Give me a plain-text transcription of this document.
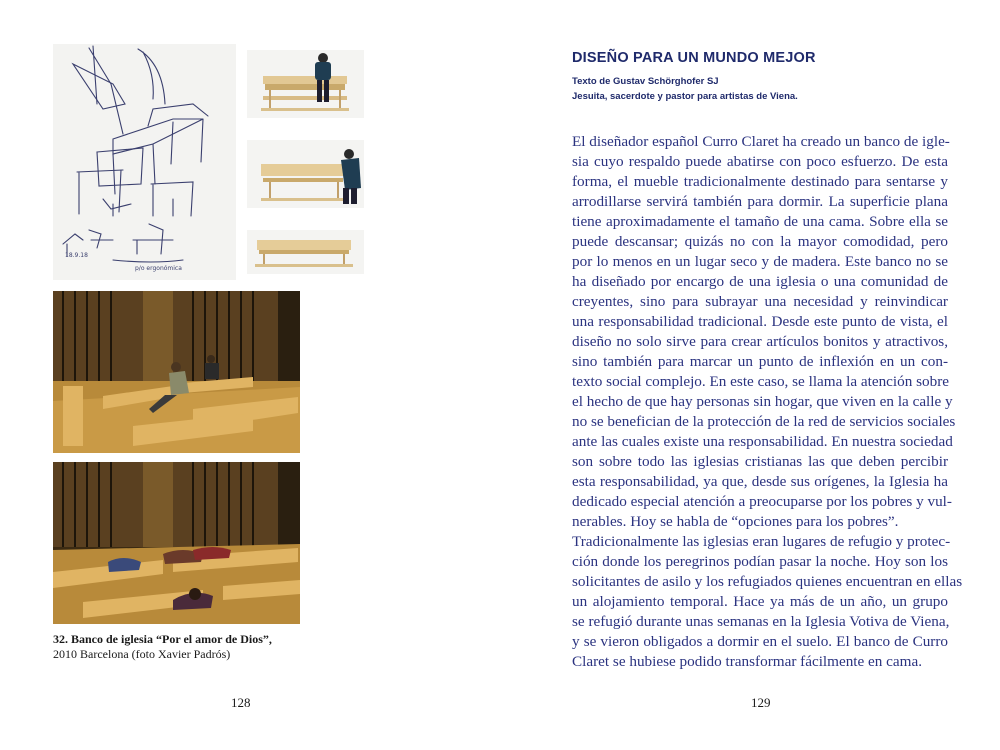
18.9.18
p/o ergonómica
32. Banco de iglesia “Por el amor de Dios”,
2010 Barcelona (foto Xavier Padrós)
128
DISEÑO PARA UN MUNDO MEJOR
Texto de Gustav Schörghofer SJ
Jesuita, sacerdote y pastor para artistas de Viena.
El diseñador español Curro Claret ha creado un banco de igle-
sia cuyo respaldo puede abatirse con poco esfuerzo. De esta
forma, el mueble tradicionalmente destinado para sentarse y
arrodillarse servirá también para dormir. La superficie plana
tiene aproximadamente el tamaño de una cama. Sobre ella se
puede descansar; quizás no con la mayor comodidad, pero
por lo menos en un lugar seco y de madera. Este banco no se
ha diseñado por encargo de una iglesia o una comunidad de
creyentes, sino para subrayar una necesidad y reinvindicar
una responsabilidad tradicional. Desde este punto de vista, el
diseño no solo sirve para crear artículos bonitos y atractivos,
sino también para marcar un punto de inflexión en un con-
texto social complejo. En este caso, se llama la atención sobre
el hecho de que hay personas sin hogar, que viven en la calle y
no se benefician de la protección de la red de servicios sociales
ante las cuales existe una responsabilidad. En nuestra sociedad
son sobre todo las iglesias cristianas las que deben percibir
esta responsabilidad, ya que, desde sus orígenes, la Iglesia ha
dedicado especial atención a preocuparse por los pobres y vul-
nerables. Hoy se habla de “opciones para los pobres”.
Tradicionalmente las iglesias eran lugares de refugio y protec-
ción donde los peregrinos podían pasar la noche. Hoy son los
solicitantes de asilo y los refugiados quienes encuentran en ellas
un alojamiento temporal. Hace ya más de un año, un grupo
se refugió durante unas semanas en la Iglesia Votiva de Viena,
y se vieron obligados a dormir en el suelo. El banco de Curro
Claret se hubiese podido transformar fácilmente en cama.
129
